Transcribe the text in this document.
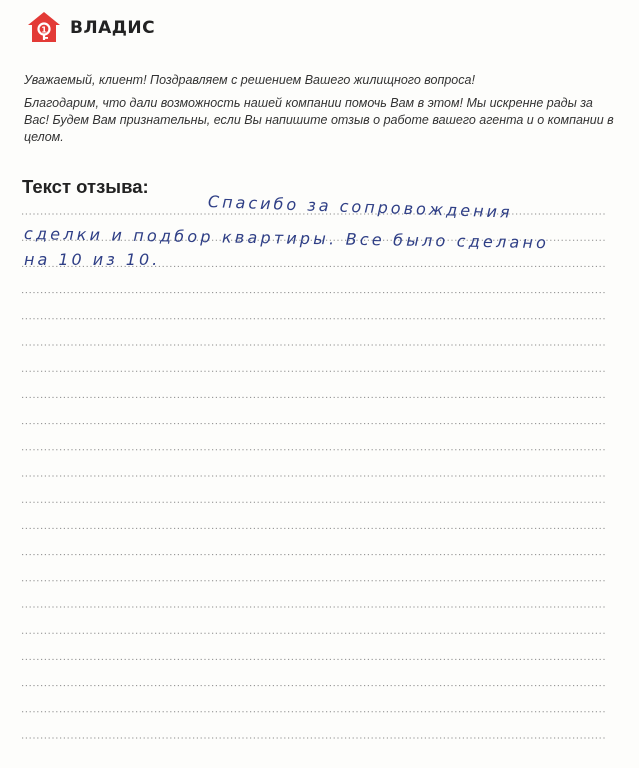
1 ВЛАДИС

Уважаемый, клиент! Поздравляем с решением Вашего жилищного вопроса!

Благодарим, что дали возможность нашей компании помочь Вам в этом! Мы искренне рады за Вас! Будем Вам признательны, если Вы напишите отзыв о работе вашего агента и о компании в целом.

Текст отзыва:
Спасибо за сопровождения
сделки и подбор квартиры. Все было сделано
на 10 из 10.
